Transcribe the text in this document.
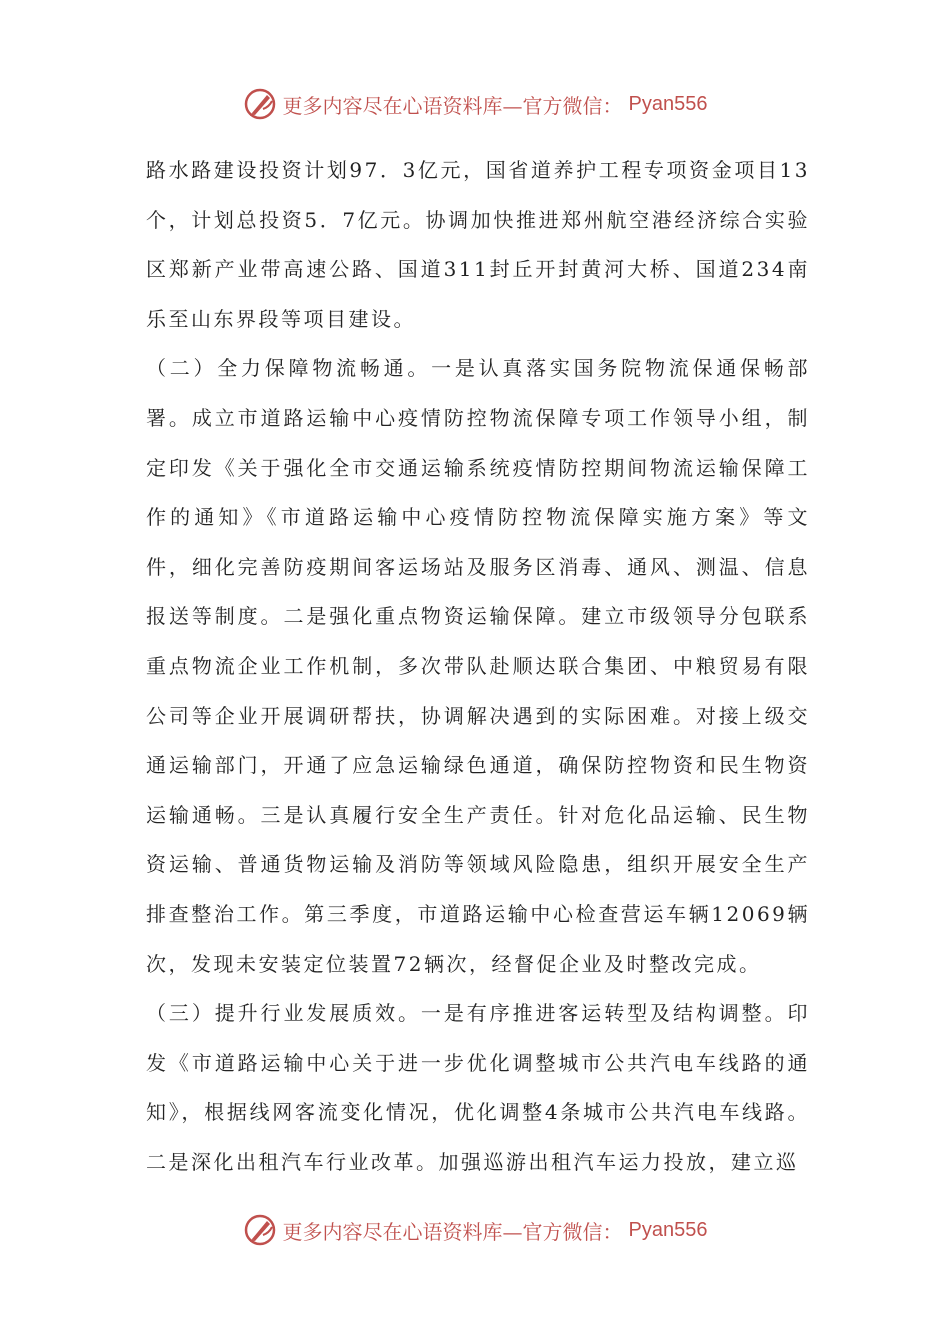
更多内容尽在心语资料库—官方微信： Pyan556

路水路建设投资计划97．3亿元，国省道养护工程专项资金项目13个，计划总投资5．7亿元。协调加快推进郑州航空港经济综合实验区郑新产业带高速公路、国道311封丘开封黄河大桥、国道234南乐至山东界段等项目建设。

（二）全力保障物流畅通。一是认真落实国务院物流保通保畅部署。成立市道路运输中心疫情防控物流保障专项工作领导小组，制定印发《关于强化全市交通运输系统疫情防控期间物流运输保障工作的通知》《市道路运输中心疫情防控物流保障实施方案》等文件，细化完善防疫期间客运场站及服务区消毒、通风、测温、信息报送等制度。二是强化重点物资运输保障。建立市级领导分包联系重点物流企业工作机制，多次带队赴顺达联合集团、中粮贸易有限公司等企业开展调研帮扶，协调解决遇到的实际困难。对接上级交通运输部门，开通了应急运输绿色通道，确保防控物资和民生物资运输通畅。三是认真履行安全生产责任。针对危化品运输、民生物资运输、普通货物运输及消防等领域风险隐患，组织开展安全生产排查整治工作。第三季度，市道路运输中心检查营运车辆12069辆次，发现未安装定位装置72辆次，经督促企业及时整改完成。

（三）提升行业发展质效。一是有序推进客运转型及结构调整。印发《市道路运输中心关于进一步优化调整城市公共汽电车线路的通知》，根据线网客流变化情况，优化调整4条城市公共汽电车线路。二是深化出租汽车行业改革。加强巡游出租汽车运力投放，建立巡

更多内容尽在心语资料库—官方微信： Pyan556
